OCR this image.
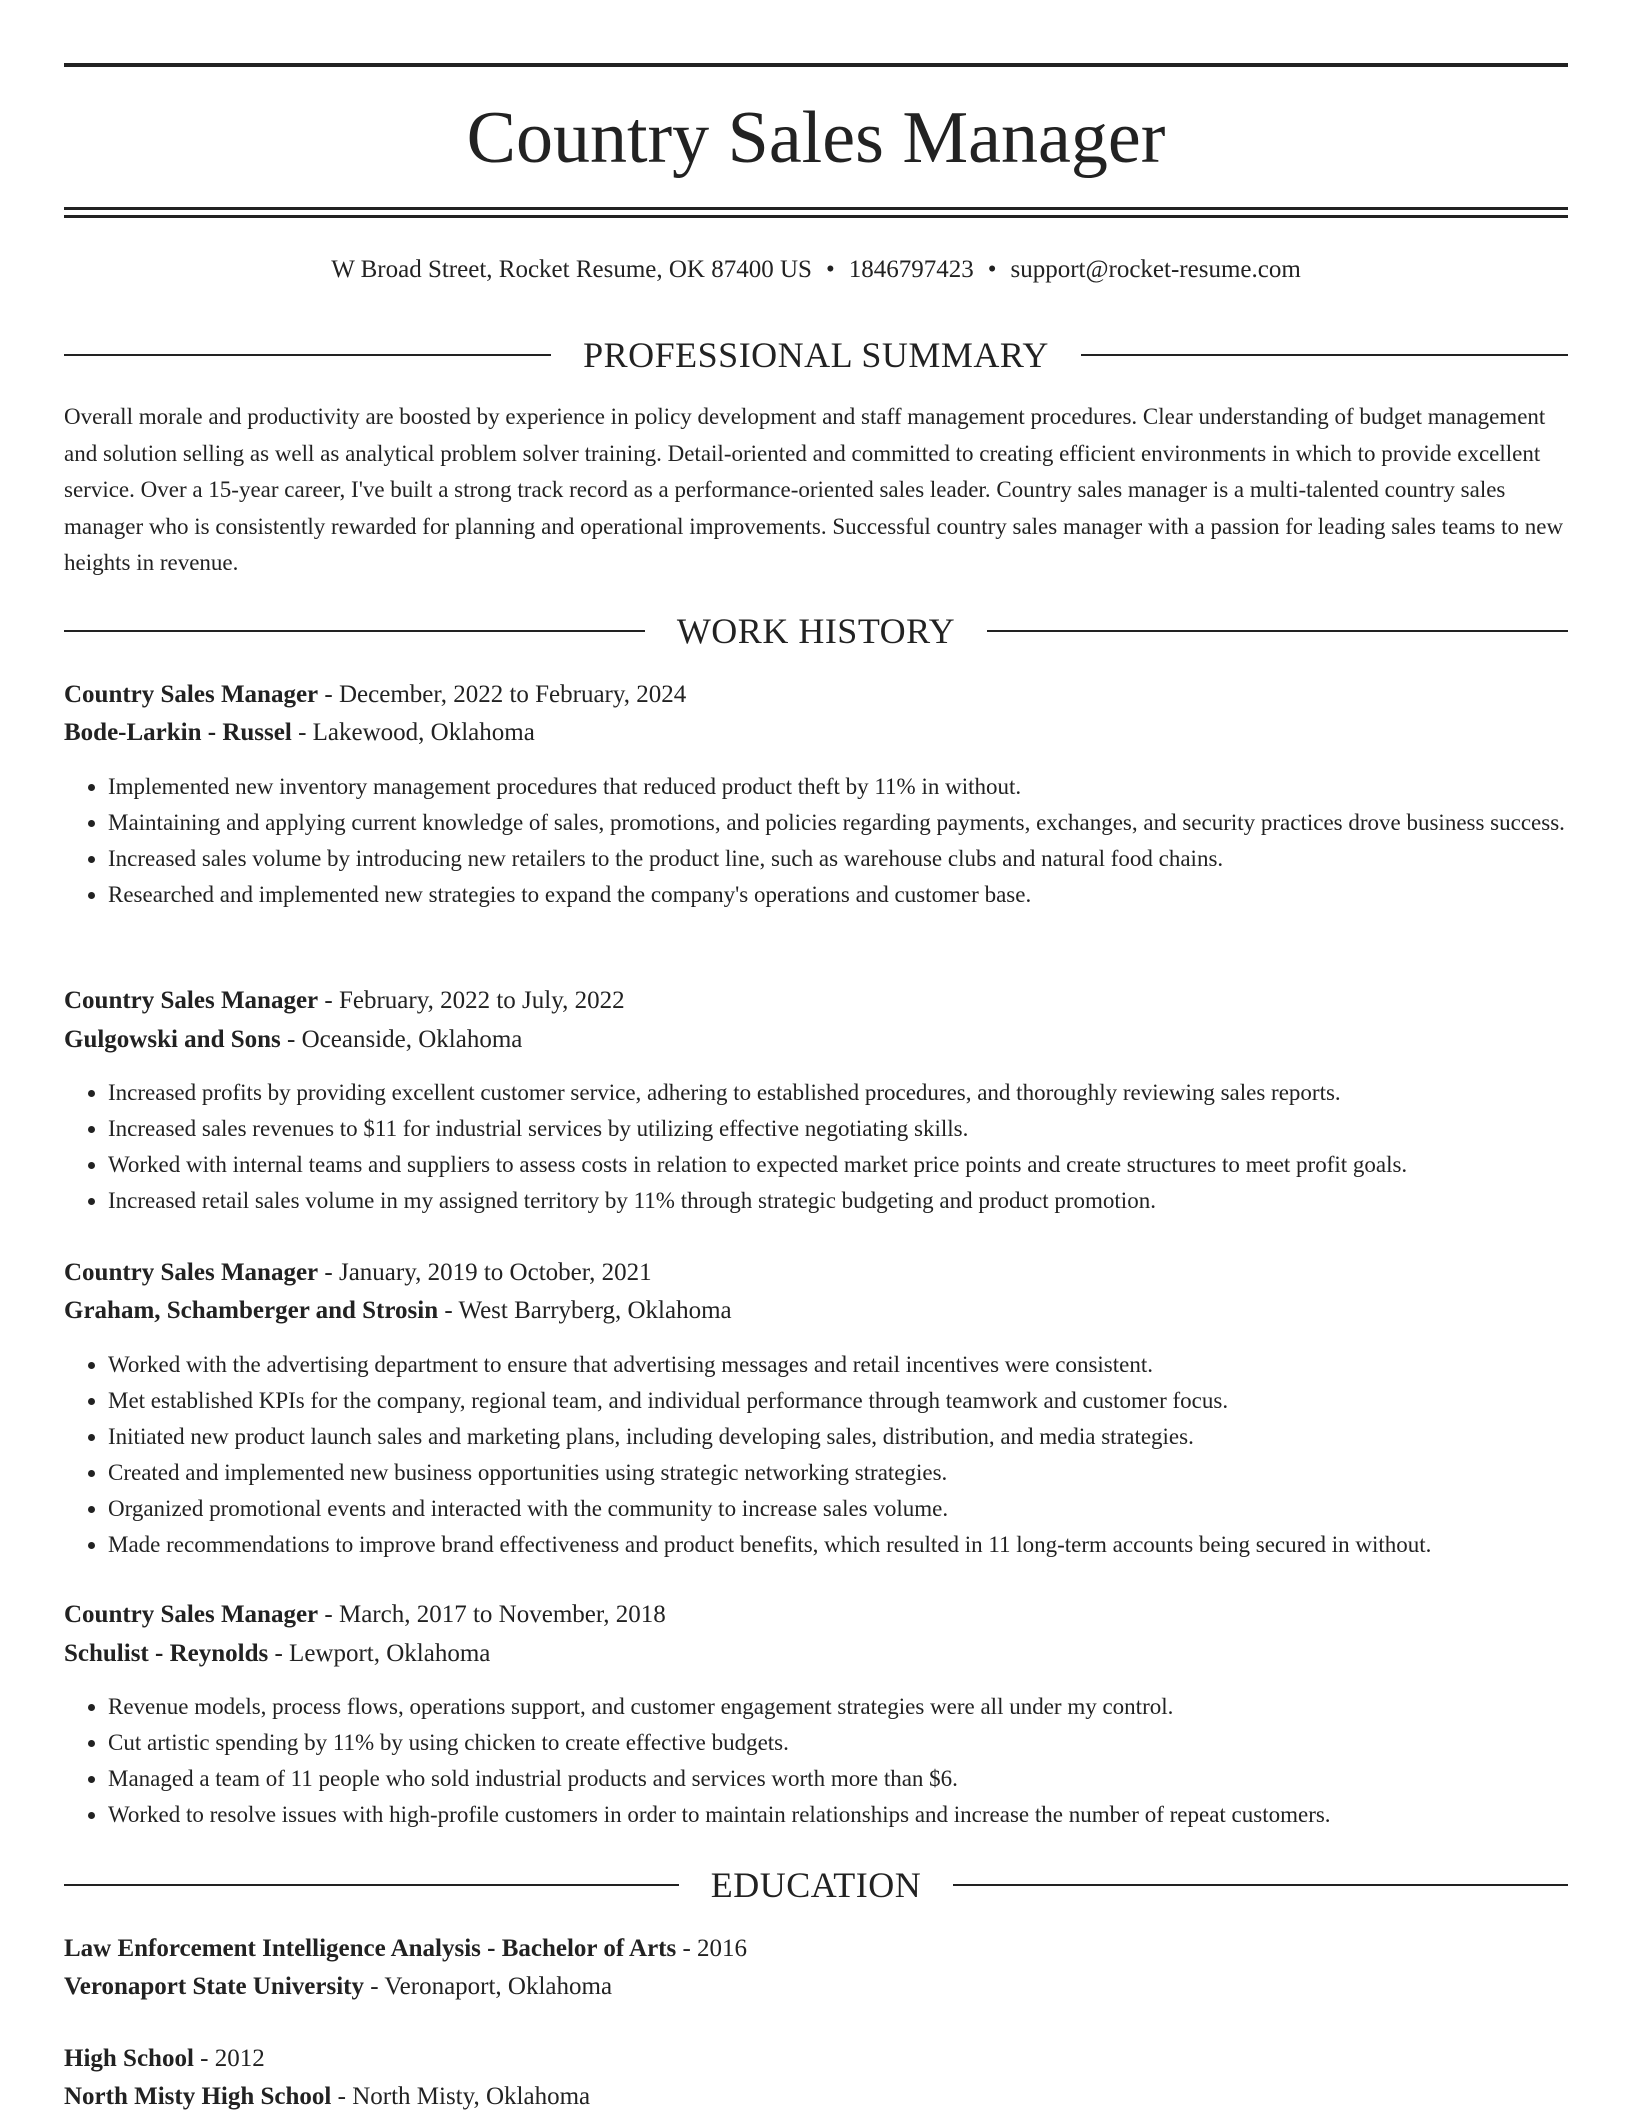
Country Sales Manager
W Broad Street, Rocket Resume, OK 87400 US • 1846797423 • support@rocket-resume.com
PROFESSIONAL SUMMARY
Overall morale and productivity are boosted by experience in policy development and staff management procedures. Clear understanding of budget management and solution selling as well as analytical problem solver training. Detail-oriented and committed to creating efficient environments in which to provide excellent service. Over a 15-year career, I've built a strong track record as a performance-oriented sales leader. Country sales manager is a multi-talented country sales manager who is consistently rewarded for planning and operational improvements. Successful country sales manager with a passion for leading sales teams to new heights in revenue.
WORK HISTORY
Country Sales Manager - December, 2022 to February, 2024
Bode-Larkin - Russel - Lakewood, Oklahoma
• Implemented new inventory management procedures that reduced product theft by 11% in without.
• Maintaining and applying current knowledge of sales, promotions, and policies regarding payments, exchanges, and security practices drove business success.
• Increased sales volume by introducing new retailers to the product line, such as warehouse clubs and natural food chains.
• Researched and implemented new strategies to expand the company's operations and customer base.
Country Sales Manager - February, 2022 to July, 2022
Gulgowski and Sons - Oceanside, Oklahoma
• Increased profits by providing excellent customer service, adhering to established procedures, and thoroughly reviewing sales reports.
• Increased sales revenues to $11 for industrial services by utilizing effective negotiating skills.
• Worked with internal teams and suppliers to assess costs in relation to expected market price points and create structures to meet profit goals.
• Increased retail sales volume in my assigned territory by 11% through strategic budgeting and product promotion.
Country Sales Manager - January, 2019 to October, 2021
Graham, Schamberger and Strosin - West Barryberg, Oklahoma
• Worked with the advertising department to ensure that advertising messages and retail incentives were consistent.
• Met established KPIs for the company, regional team, and individual performance through teamwork and customer focus.
• Initiated new product launch sales and marketing plans, including developing sales, distribution, and media strategies.
• Created and implemented new business opportunities using strategic networking strategies.
• Organized promotional events and interacted with the community to increase sales volume.
• Made recommendations to improve brand effectiveness and product benefits, which resulted in 11 long-term accounts being secured in without.
Country Sales Manager - March, 2017 to November, 2018
Schulist - Reynolds - Lewport, Oklahoma
• Revenue models, process flows, operations support, and customer engagement strategies were all under my control.
• Cut artistic spending by 11% by using chicken to create effective budgets.
• Managed a team of 11 people who sold industrial products and services worth more than $6.
• Worked to resolve issues with high-profile customers in order to maintain relationships and increase the number of repeat customers.
EDUCATION
Law Enforcement Intelligence Analysis - Bachelor of Arts - 2016
Veronaport State University - Veronaport, Oklahoma
High School - 2012
North Misty High School - North Misty, Oklahoma
